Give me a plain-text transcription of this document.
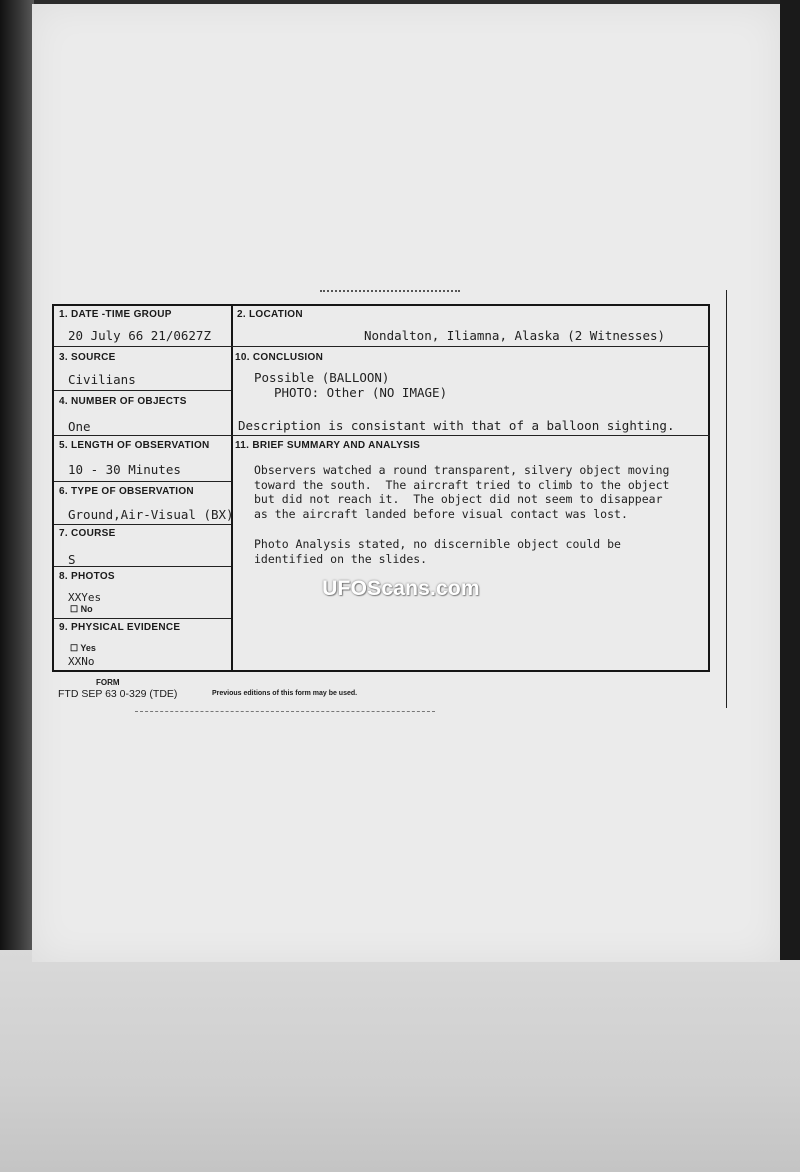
1. DATE -TIME GROUP
20 July 66 21/0627Z
2. LOCATION
Nondalton, Iliamna, Alaska (2 Witnesses)
3. SOURCE
Civilians
10. CONCLUSION
Possible (BALLOON)
PHOTO: Other (NO IMAGE)
Description is consistant with that of a balloon sighting.
4. NUMBER OF OBJECTS
One
5. LENGTH OF OBSERVATION
10 - 30 Minutes
11. BRIEF SUMMARY AND ANALYSIS
Observers watched a round transparent, silvery object moving
toward the south.  The aircraft tried to climb to the object
but did not reach it.  The object did not seem to disappear
as the aircraft landed before visual contact was lost.
Photo Analysis stated, no discernible object could be
identified on the slides.
6. TYPE OF OBSERVATION
Ground,Air-Visual (BX)
7. COURSE
S
8. PHOTOS
XXYes
☐ No
9. PHYSICAL EVIDENCE
☐ Yes
XXNo
FORM
FTD SEP 63 0-329 (TDE)	Previous editions of this form may be used.
UFOScans.com
